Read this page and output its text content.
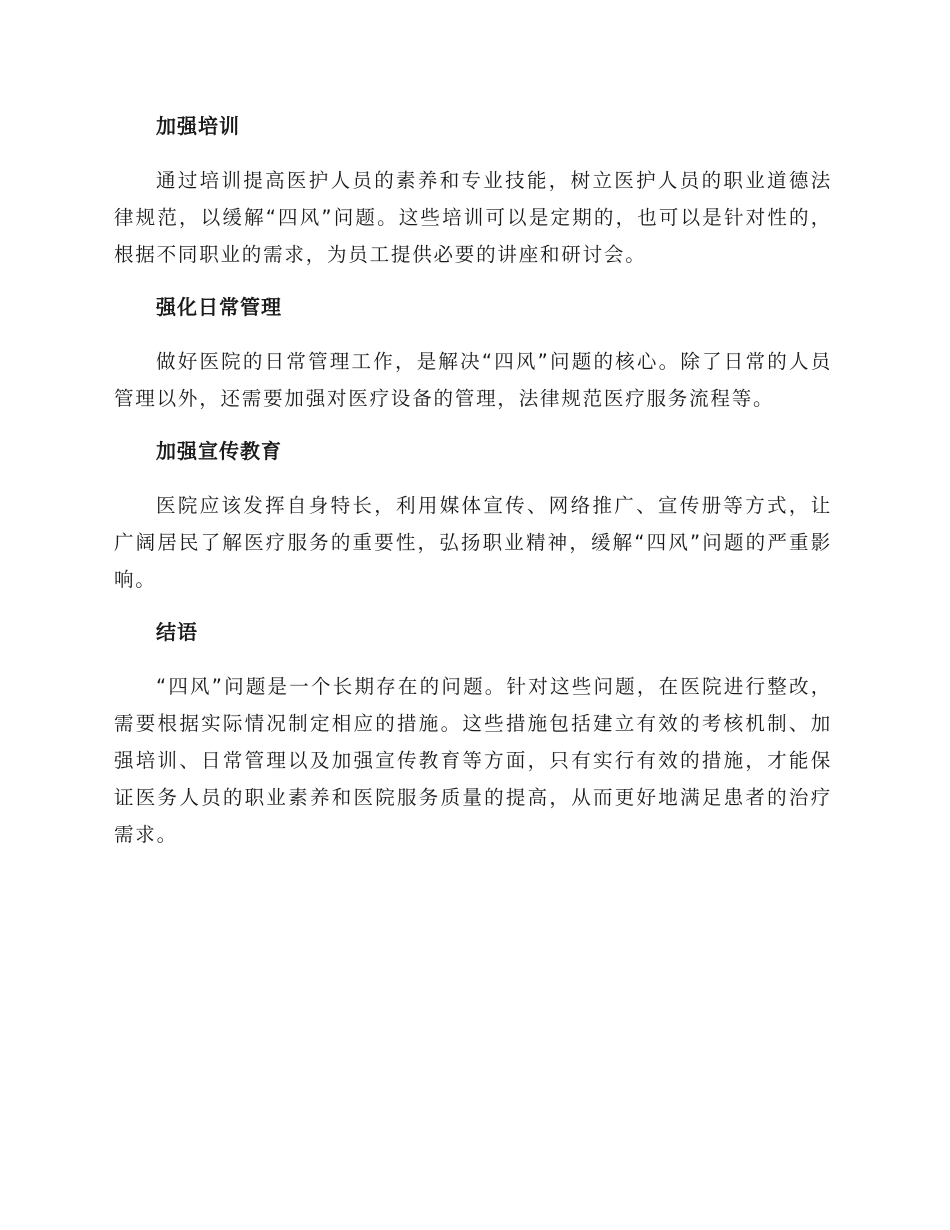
加强培训

通过培训提高医护人员的素养和专业技能，树立医护人员的职业道德法律规范，以缓解“四风”问题。这些培训可以是定期的，也可以是针对性的，根据不同职业的需求，为员工提供必要的讲座和研讨会。

强化日常管理

做好医院的日常管理工作，是解决“四风”问题的核心。除了日常的人员管理以外，还需要加强对医疗设备的管理，法律规范医疗服务流程等。

加强宣传教育

医院应该发挥自身特长，利用媒体宣传、网络推广、宣传册等方式，让广阔居民了解医疗服务的重要性，弘扬职业精神，缓解“四风”问题的严重影响。

结语

“四风”问题是一个长期存在的问题。针对这些问题，在医院进行整改，需要根据实际情况制定相应的措施。这些措施包括建立有效的考核机制、加强培训、日常管理以及加强宣传教育等方面，只有实行有效的措施，才能保证医务人员的职业素养和医院服务质量的提高，从而更好地满足患者的治疗需求。
